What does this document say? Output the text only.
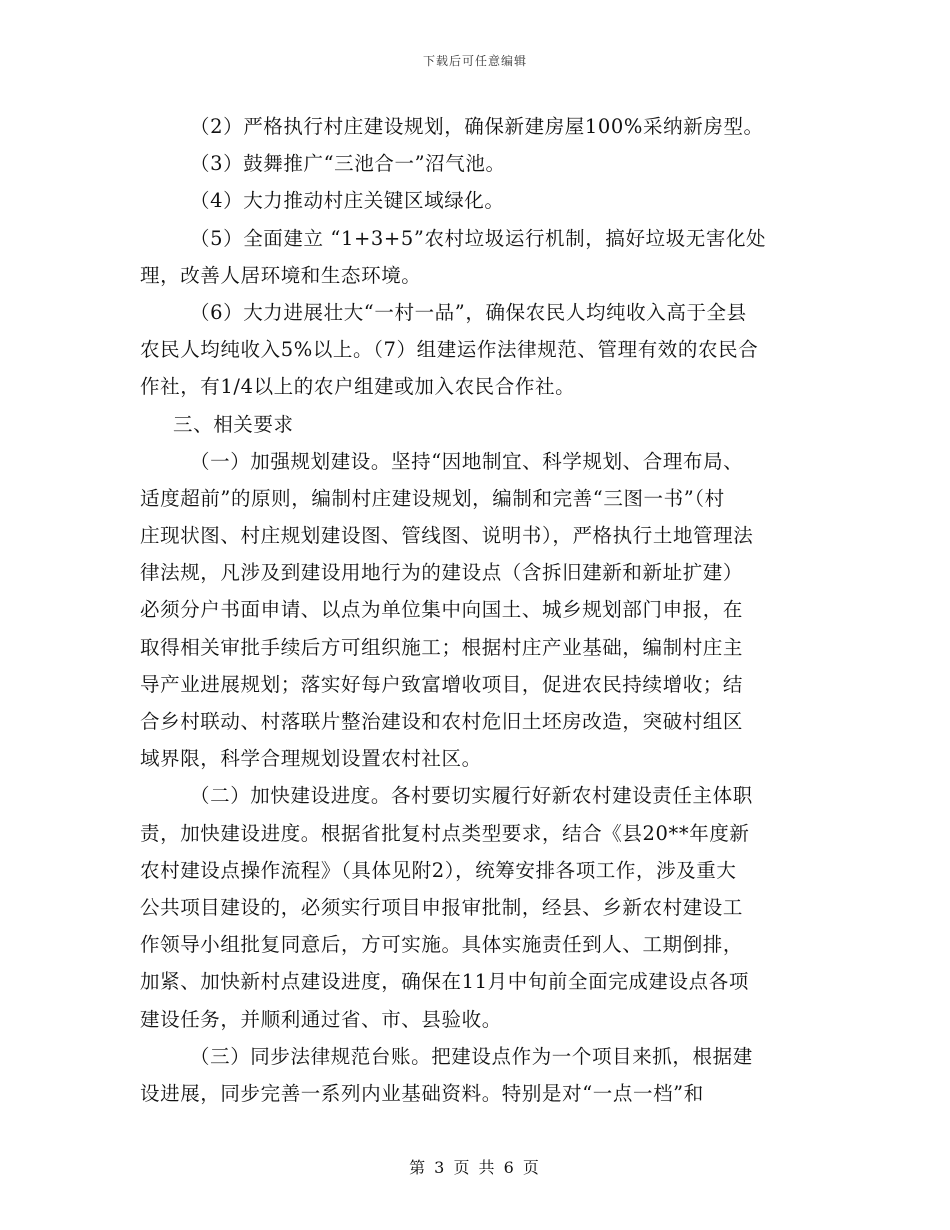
下载后可任意编辑
（2）严格执行村庄建设规划，确保新建房屋100%采纳新房型。
（3）鼓舞推广“三池合一”沼气池。
（4）大力推动村庄关键区域绿化。
（5）全面建立 “1+3+5”农村垃圾运行机制，搞好垃圾无害化处
理，改善人居环境和生态环境。
（6）大力进展壮大“一村一品”，确保农民人均纯收入高于全县
农民人均纯收入5%以上。（7）组建运作法律规范、管理有效的农民合
作社，有1/4以上的农户组建或加入农民合作社。
三、相关要求
（一）加强规划建设。坚持“因地制宜、科学规划、合理布局、
适度超前”的原则，编制村庄建设规划，编制和完善“三图一书”（村
庄现状图、村庄规划建设图、管线图、说明书），严格执行土地管理法
律法规，凡涉及到建设用地行为的建设点（含拆旧建新和新址扩建）
必须分户书面申请、以点为单位集中向国土、城乡规划部门申报，在
取得相关审批手续后方可组织施工；根据村庄产业基础，编制村庄主
导产业进展规划；落实好每户致富增收项目，促进农民持续增收；结
合乡村联动、村落联片整治建设和农村危旧土坯房改造，突破村组区
域界限，科学合理规划设置农村社区。
（二）加快建设进度。各村要切实履行好新农村建设责任主体职
责，加快建设进度。根据省批复村点类型要求，结合《县20**年度新
农村建设点操作流程》（具体见附2），统筹安排各项工作，涉及重大
公共项目建设的，必须实行项目申报审批制，经县、乡新农村建设工
作领导小组批复同意后，方可实施。具体实施责任到人、工期倒排，
加紧、加快新村点建设进度，确保在11月中旬前全面完成建设点各项
建设任务，并顺利通过省、市、县验收。
（三）同步法律规范台账。把建设点作为一个项目来抓，根据建
设进展，同步完善一系列内业基础资料。特别是对“一点一档”和
第 3 页 共 6 页
